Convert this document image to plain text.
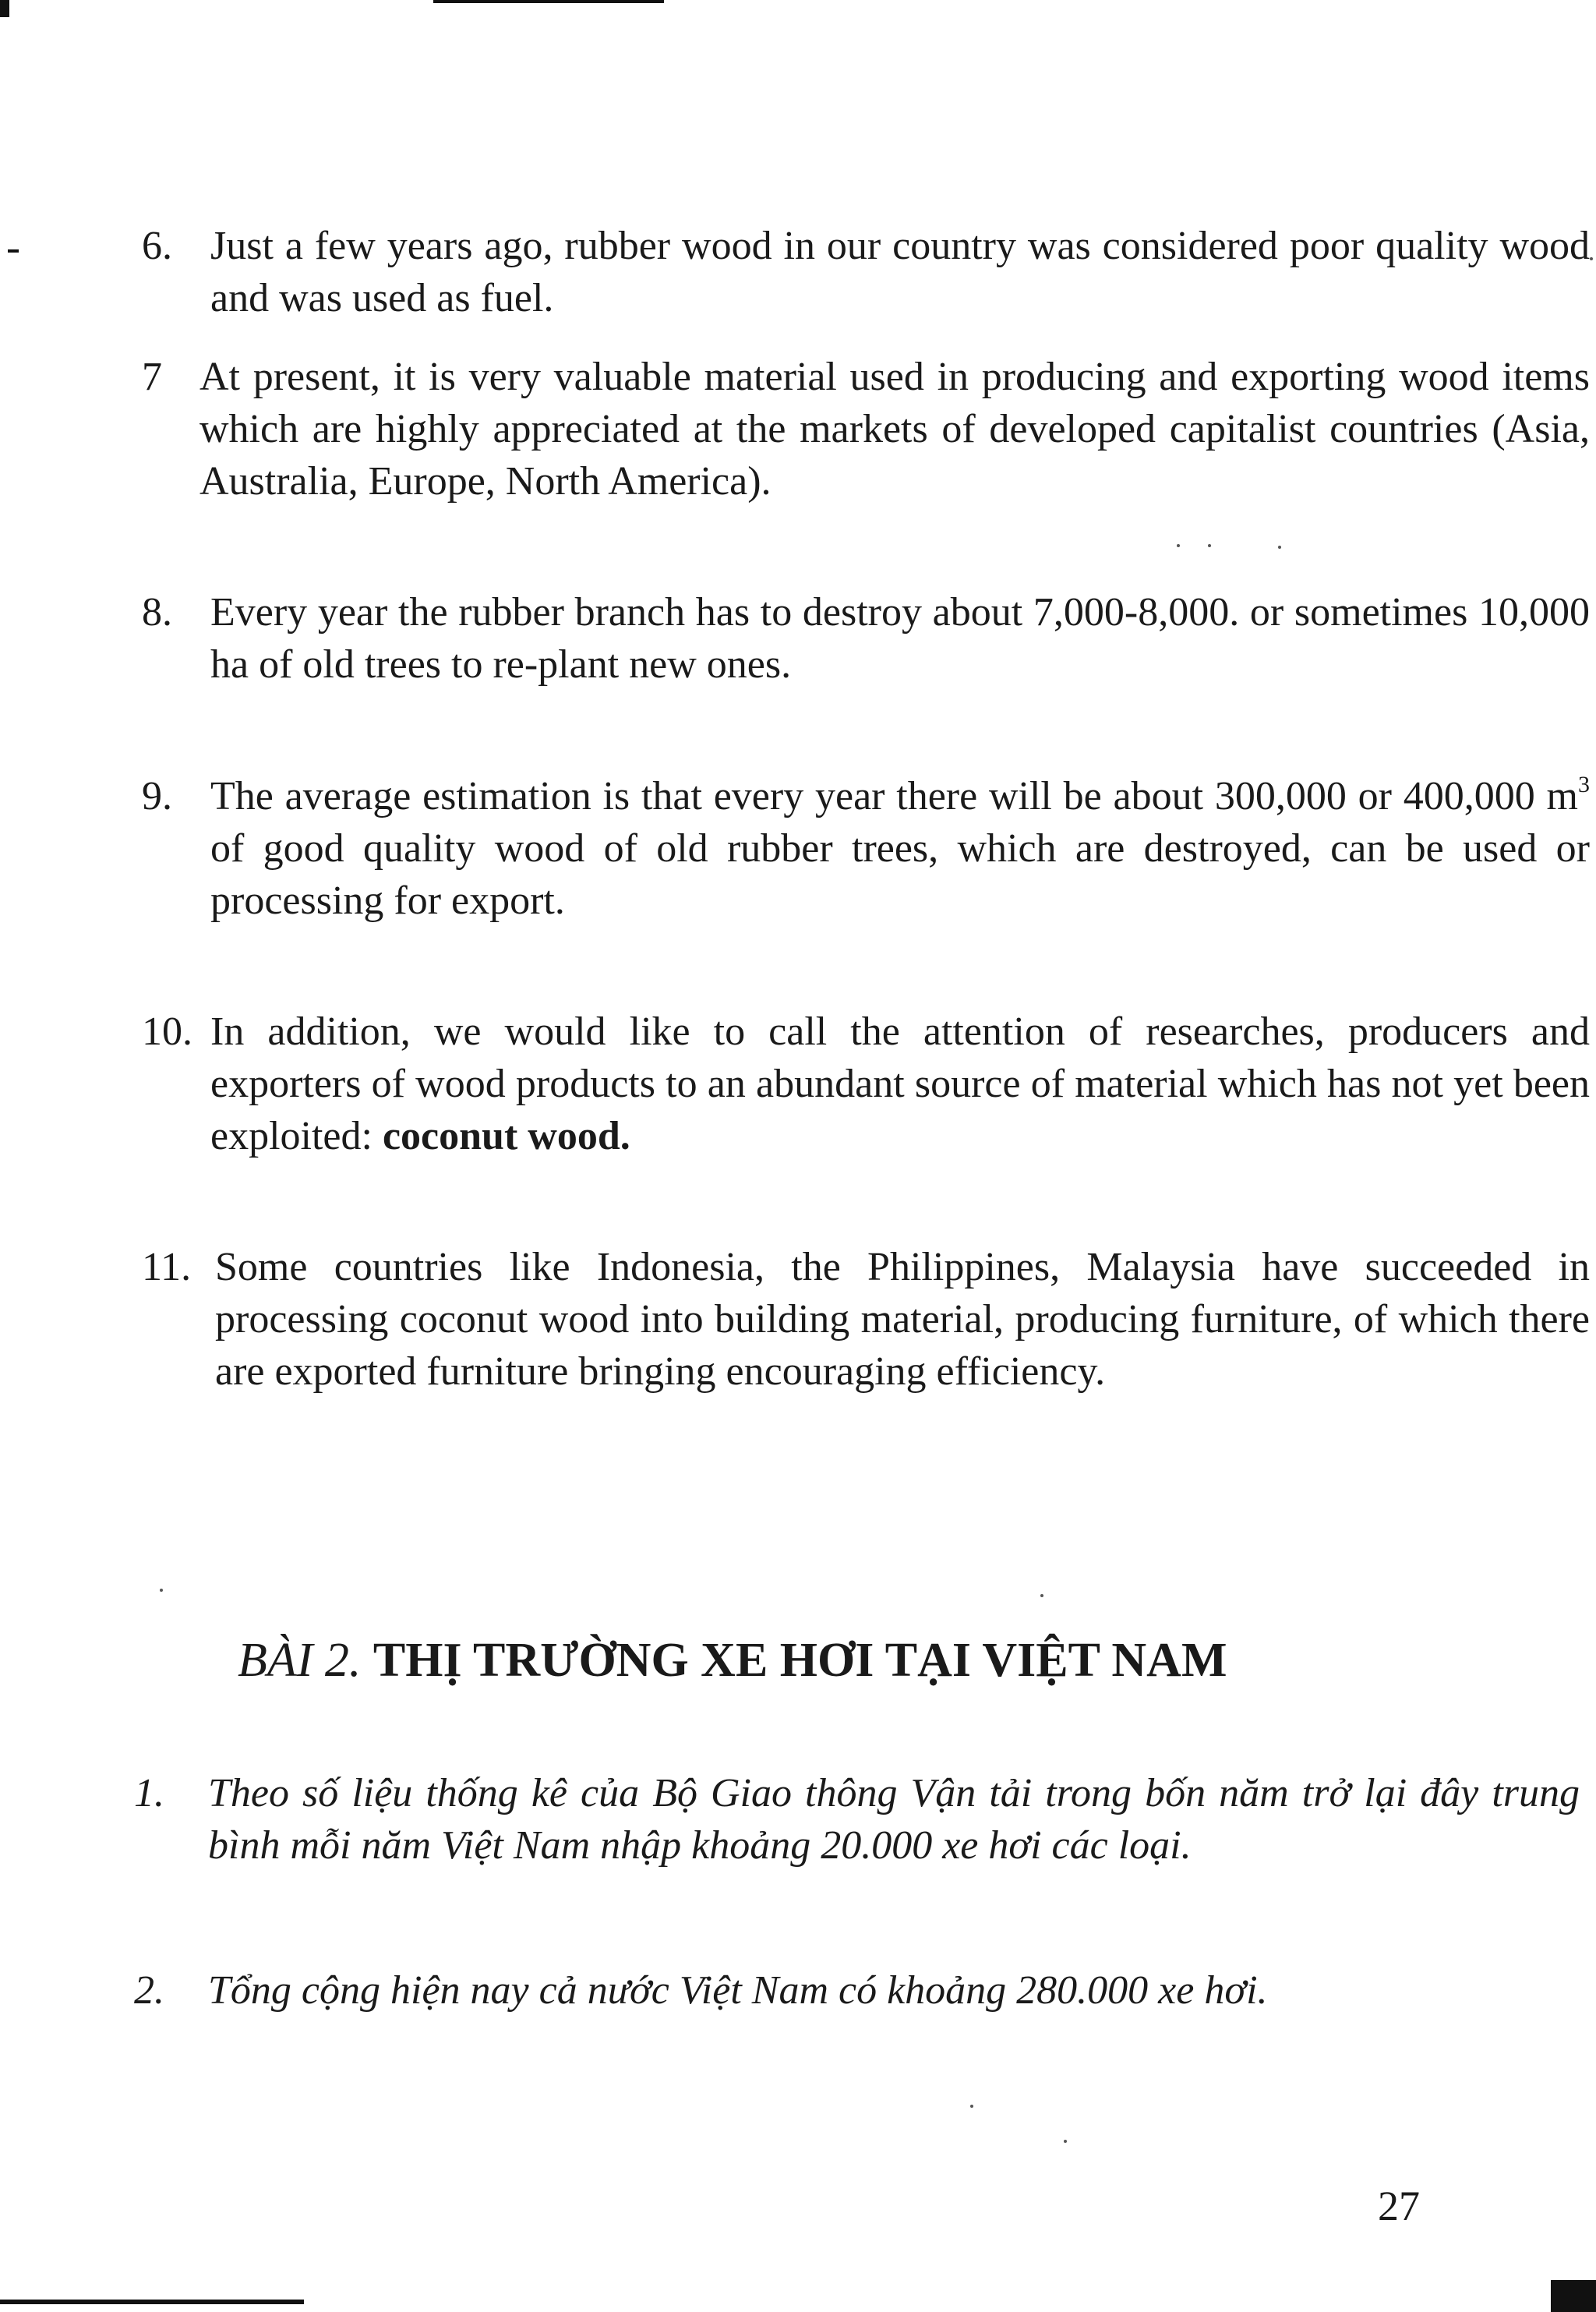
6. Just a few years ago, rubber wood in our country was considered poor quality wood and was used as fuel.

7 At present, it is very valuable material used in producing and exporting wood items which are highly appreciated at the markets of developed capitalist countries (Asia, Australia, Europe, North America).

8. Every year the rubber branch has to destroy about 7,000-8,000. or sometimes 10,000 ha of old trees to re-plant new ones.

9. The average estimation is that every year there will be about 300,000 or 400,000 $m^3$ of good quality wood of old rubber trees, which are destroyed, can be used or processing for export.

10. In addition, we would like to call the attention of researches, producers and exporters of wood products to an abundant source of material which has not yet been exploited: coconut wood.

11. Some countries like Indonesia, the Philippines, Malaysia have succeeded in processing coconut wood into building material, producing furniture, of which there are exported furniture bringing encouraging efficiency.

BÀI 2. THỊ TRƯỜNG XE HƠI TẠI VIỆT NAM
1. Theo số liệu thống kê của Bộ Giao thông Vận tải trong bốn năm trở lại đây trung bình mỗi năm Việt Nam nhập khoảng 20.000 xe hơi các loại.

2. Tổng cộng hiện nay cả nước Việt Nam có khoảng 280.000 xe hơi.

27
